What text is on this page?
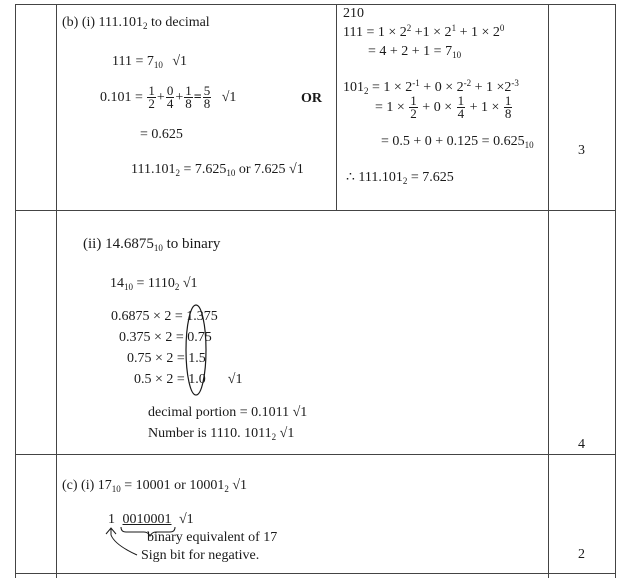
(b) (i) $111.101_2$ to decimal
$111 = 7_{10}$ √1
$0.101 = \frac{1}{2} + \frac{0}{4} + \frac{1}{8} = \frac{5}{8} √1$	OR
= 0.625
$111.101_2 = 7.625_{10}$ or 7.625 √1
210
$111 = 1 \times 2^2 +1 \times 2^1 + 1 \times 2^0$
= $4 + 2 + 1 = 7_{10}$
$101_2 = 1 \times 2^{-1} + 0 \times 2^{-2} + 1 \times 2^{-3}$
= $1 \times \frac{1}{2} + 0 \times \frac{1}{4} + 1 \times \frac{1}{8}$
= $0.5 + 0 + 0.125 = 0.625_{10}$
∴ $111.101_2 = 7.625$
3
(ii) $14.6875_{10}$ to binary
$14_{10} = 1110_2$ √1
0.6875 × 2 = 1.375
0.375 × 2 = 0.75
0.75 × 2 = 1.5
0.5 × 2 = 1.0 √1
decimal portion = 0.1011 √1
Number is 1110. $1011_2$ √1
4
(c) (i) $17_{10} = 10001$ or $10001_2$ √1
1 0010001 √1
binary equivalent of 17
Sign bit for negative.	2
